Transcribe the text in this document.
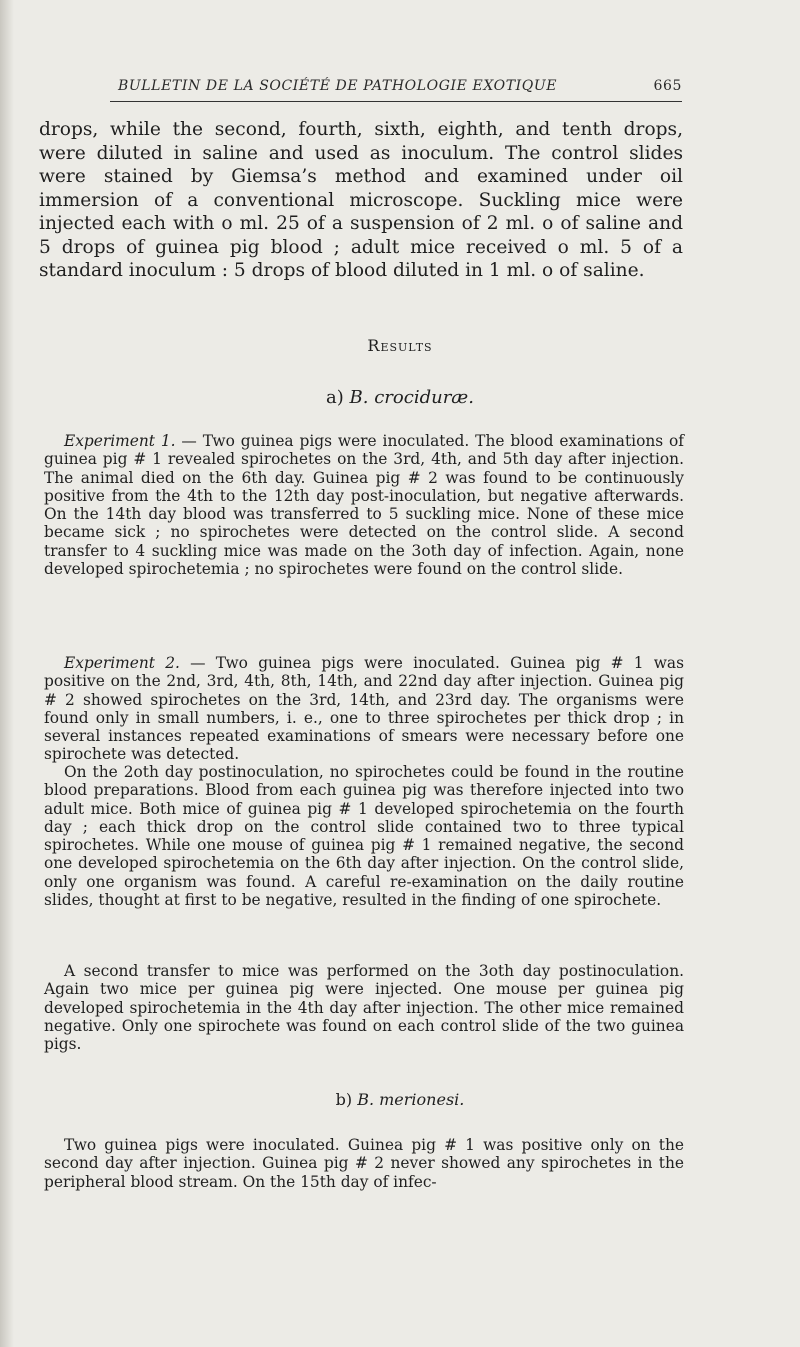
BULLETIN DE LA SOCIÉTÉ DE PATHOLOGIE EXOTIQUE	665

drops, while the second, fourth, sixth, eighth, and tenth drops, were diluted in saline and used as inoculum. The control slides were stained by Giemsa’s method and examined under oil immersion of a conventional microscope. Suckling mice were injected each with o ml. 25 of a suspension of 2 ml. o of saline and 5 drops of guinea pig blood ; adult mice received o ml. 5 of a standard inoculum : 5 drops of blood diluted in 1 ml. o of saline.

Results

a) B. crociduræ.

Experiment 1. — Two guinea pigs were inoculated. The blood examinations of guinea pig # 1 revealed spirochetes on the 3rd, 4th, and 5th day after injection. The animal died on the 6th day. Guinea pig # 2 was found to be continuously positive from the 4th to the 12th day post-inoculation, but negative afterwards. On the 14th day blood was transferred to 5 suckling mice. None of these mice became sick ; no spirochetes were detected on the control slide. A second transfer to 4 suckling mice was made on the 3oth day of infection. Again, none developed spirochetemia ; no spirochetes were found on the control slide.

Experiment 2. — Two guinea pigs were inoculated. Guinea pig # 1 was positive on the 2nd, 3rd, 4th, 8th, 14th, and 22nd day after injection. Guinea pig # 2 showed spirochetes on the 3rd, 14th, and 23rd day. The organisms were found only in small numbers, i. e., one to three spirochetes per thick drop ; in several instances repeated examinations of smears were necessary before one spirochete was detected.

On the 2oth day postinoculation, no spirochetes could be found in the routine blood preparations. Blood from each guinea pig was therefore injected into two adult mice. Both mice of guinea pig # 1 developed spirochetemia on the fourth day ; each thick drop on the control slide contained two to three typical spirochetes. While one mouse of guinea pig # 1 remained negative, the second one developed spirochetemia on the 6th day after injection. On the control slide, only one organism was found. A careful re-examination on the daily routine slides, thought at first to be negative, resulted in the finding of one spirochete.

A second transfer to mice was performed on the 3oth day postinoculation. Again two mice per guinea pig were injected. One mouse per guinea pig developed spirochetemia in the 4th day after injection. The other mice remained negative. Only one spirochete was found on each control slide of the two guinea pigs.

b) B. merionesi.

Two guinea pigs were inoculated. Guinea pig # 1 was positive only on the second day after injection. Guinea pig # 2 never showed any spirochetes in the peripheral blood stream. On the 15th day of infec-
